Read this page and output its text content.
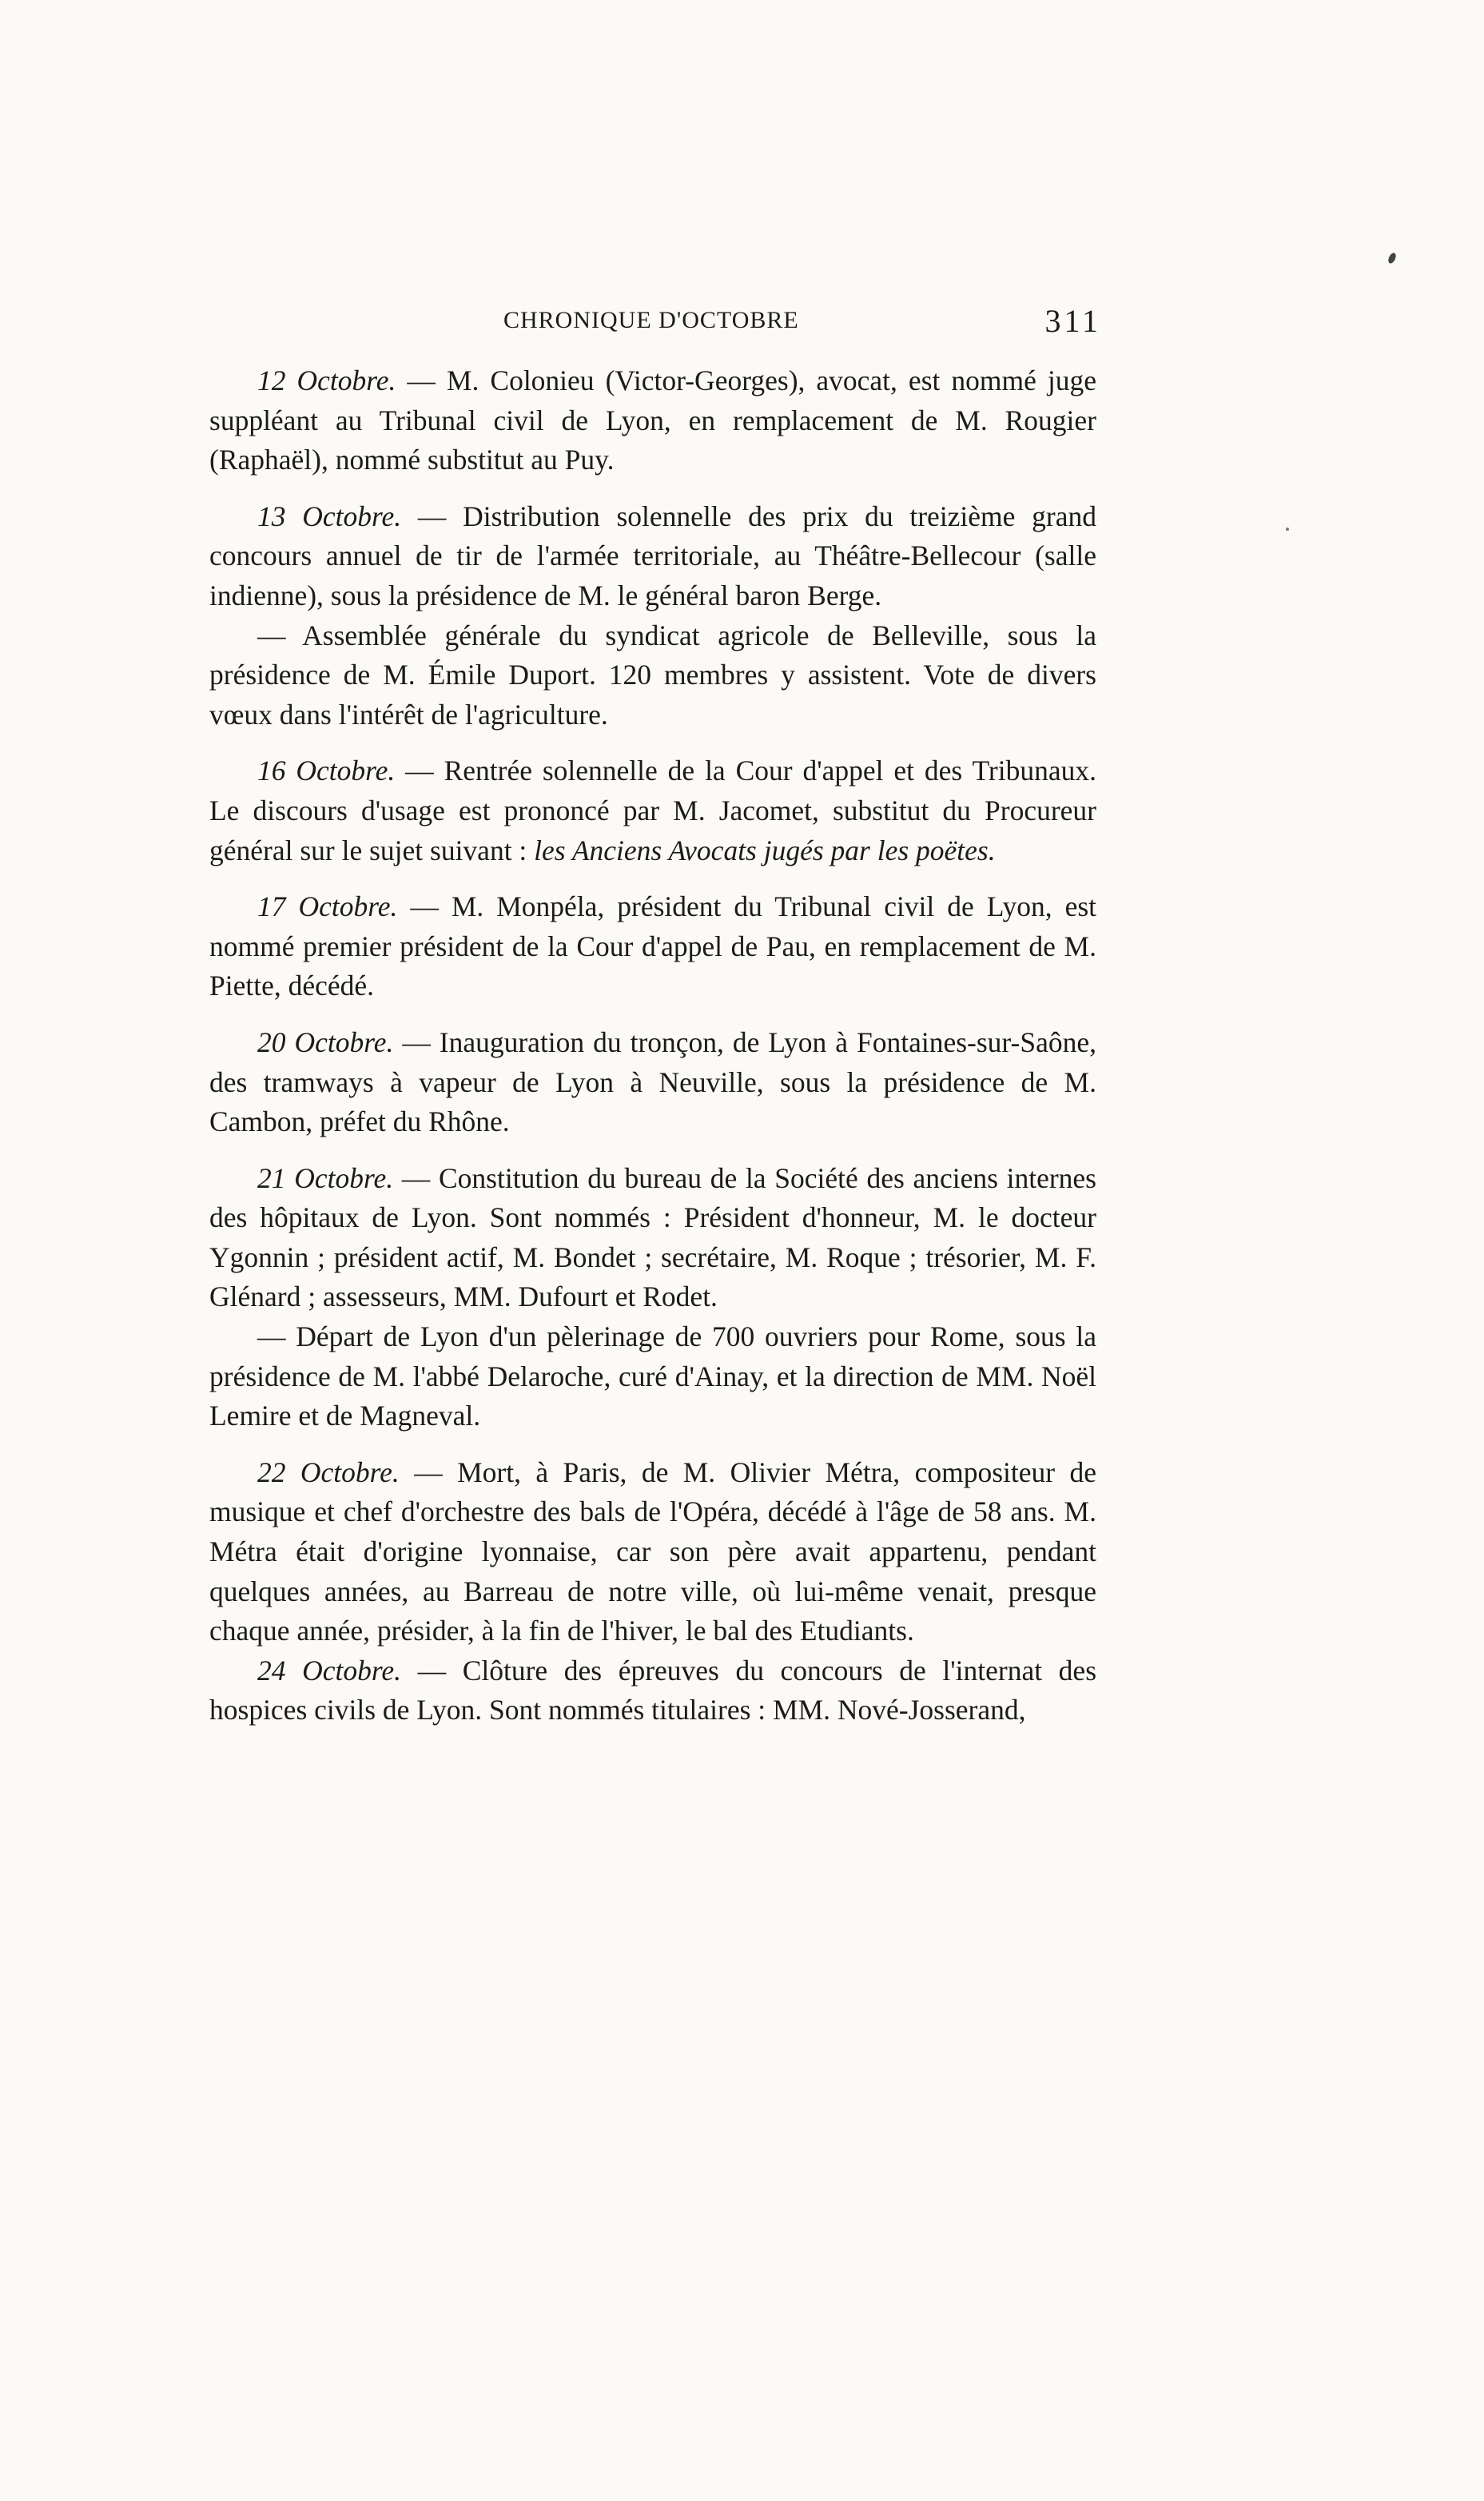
CHRONIQUE D'OCTOBRE	311

12 Octobre. — M. Colonieu (Victor-Georges), avocat, est nommé juge suppléant au Tribunal civil de Lyon, en remplacement de M. Rougier (Raphaël), nommé substitut au Puy.

13 Octobre. — Distribution solennelle des prix du treizième grand concours annuel de tir de l'armée territoriale, au Théâtre-Bellecour (salle indienne), sous la présidence de M. le général baron Berge.

— Assemblée générale du syndicat agricole de Belleville, sous la présidence de M. Émile Duport. 120 membres y assistent. Vote de divers vœux dans l'intérêt de l'agriculture.

16 Octobre. — Rentrée solennelle de la Cour d'appel et des Tribunaux. Le discours d'usage est prononcé par M. Jacomet, substitut du Procureur général sur le sujet suivant : les Anciens Avocats jugés par les poëtes.

17 Octobre. — M. Monpéla, président du Tribunal civil de Lyon, est nommé premier président de la Cour d'appel de Pau, en remplacement de M. Piette, décédé.

20 Octobre. — Inauguration du tronçon, de Lyon à Fontaines-sur-Saône, des tramways à vapeur de Lyon à Neuville, sous la présidence de M. Cambon, préfet du Rhône.

21 Octobre. — Constitution du bureau de la Société des anciens internes des hôpitaux de Lyon. Sont nommés : Président d'honneur, M. le docteur Ygonnin ; président actif, M. Bondet ; secrétaire, M. Roque ; trésorier, M. F. Glénard ; assesseurs, MM. Dufourt et Rodet.

— Départ de Lyon d'un pèlerinage de 700 ouvriers pour Rome, sous la présidence de M. l'abbé Delaroche, curé d'Ainay, et la direction de MM. Noël Lemire et de Magneval.

22 Octobre. — Mort, à Paris, de M. Olivier Métra, compositeur de musique et chef d'orchestre des bals de l'Opéra, décédé à l'âge de 58 ans. M. Métra était d'origine lyonnaise, car son père avait appartenu, pendant quelques années, au Barreau de notre ville, où lui-même venait, presque chaque année, présider, à la fin de l'hiver, le bal des Etudiants.

24 Octobre. — Clôture des épreuves du concours de l'internat des hospices civils de Lyon. Sont nommés titulaires : MM. Nové-Josserand,
